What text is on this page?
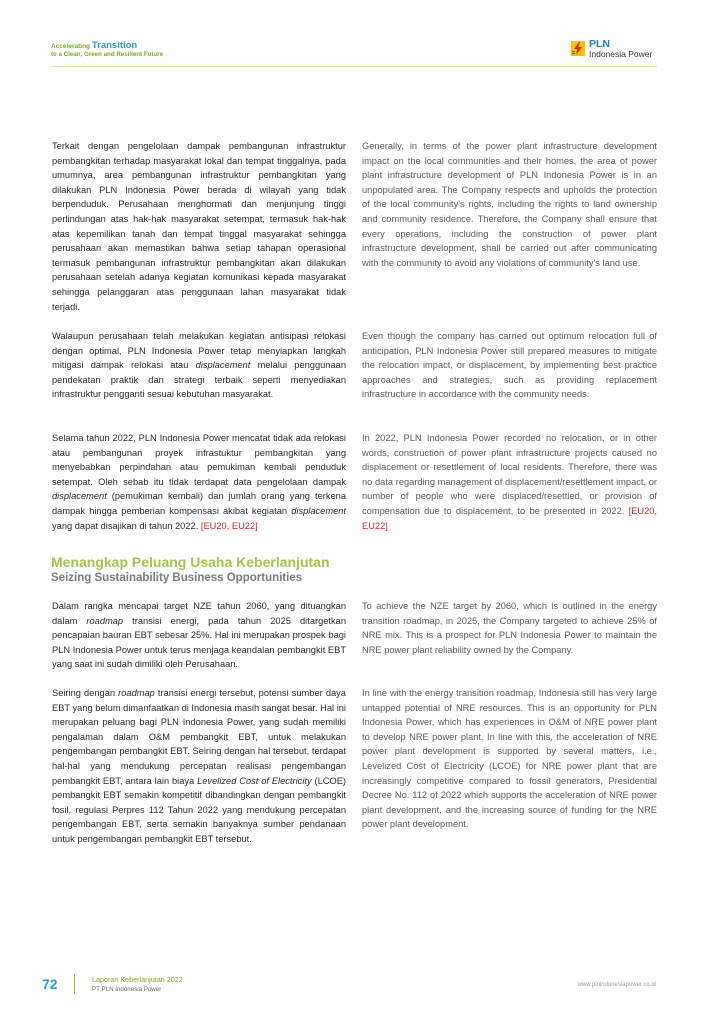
Accelerating Transition
to a Clean, Green and Resilient Future
PLN
Indonesia Power

Terkait dengan pengelolaan dampak pembangunan infrastruktur pembangkitan terhadap masyarakat lokal dan tempat tinggalnya, pada umumnya, area pembangunan infrastruktur pembangkitan yang dilakukan PLN Indonesia Power berada di wilayah yang tidak berpenduduk. Perusahaan menghormati dan menjunjung tinggi perlindungan atas hak-hak masyarakat setempat, termasuk hak-hak atas kepemilikan tanah dan tempat tinggal masyarakat sehingga perusahaan akan memastikan bahwa setiap tahapan operasional termasuk pembangunan infrastruktur pembangkitan akan dilakukan perusahaan setelah adanya kegiatan komunikasi kepada masyarakat sehingga pelanggaran atas penggunaan lahan masyarakat tidak terjadi.

Generally, in terms of the power plant infrastructure development impact on the local communities and their homes, the area of power plant infrastructure development of PLN Indonesia Power is in an unpopulated area. The Company respects and upholds the protection of the local community's rights, including the rights to land ownership and community residence. Therefore, the Company shall ensure that every operations, including the construction of power plant infrastructure development, shall be carried out after communicating with the community to avoid any violations of community's land use.

Walaupun perusahaan telah melakukan kegiatan antisipasi relokasi dengan optimal, PLN Indonesia Power tetap menyiapkan langkah mitigasi dampak relokasi atau displacement melalui penggunaan pendekatan praktik dan strategi terbaik seperti menyediakan infrastruktur pengganti sesuai kebutuhan masyarakat.

Even though the company has carried out optimum relocation full of anticipation, PLN Indonesia Power still prepared measures to mitigate the relocation impact, or displacement, by implementing best practice approaches and strategies, such as providing replacement infrastructure in accordance with the community needs.

Selama tahun 2022, PLN Indonesia Power mencatat tidak ada relokasi atau pembangunan proyek infrastuktur pembangkitan yang menyebabkan perpindahan atau pemukiman kembali penduduk setempat. Oleh sebab itu tidak terdapat data pengelolaan dampak displacement (pemukiman kembali) dan jumlah orang yang terkena dampak hingga pemberian kompensasi akibat kegiatan displacement yang dapat disajikan di tahun 2022. [EU20, EU22]

In 2022, PLN Indonesia Power recorded no relocation, or in other words, construction of power plant infrastructure projects caused no displacement or resettlement of local residents. Therefore, there was no data regarding management of displacement/resettlement impact, or number of people who were displaced/resettled, or provision of compensation due to displacement, to be presented in 2022. [EU20, EU22]

Menangkap Peluang Usaha Keberlanjutan
Seizing Sustainability Business Opportunities

Dalam rangka mencapai target NZE tahun 2060, yang dituangkan dalam roadmap transisi energi, pada tahun 2025 ditargetkan pencapaian bauran EBT sebesar 25%. Hal ini merupakan prospek bagi PLN Indonesia Power untuk terus menjaga keandalan pembangkit EBT yang saat ini sudah dimiliki oleh Perusahaan.

To achieve the NZE target by 2060, which is outlined in the energy transition roadmap, in 2025, the Company targeted to achieve 25% of NRE mix. This is a prospect for PLN Indonesia Power to maintain the NRE power plant reliability owned by the Company.

Seiring dengan roadmap transisi energi tersebut, potensi sumber daya EBT yang belum dimanfaatkan di Indonesia masih sangat besar. Hal ini merupakan peluang bagi PLN Indonesia Power, yang sudah memiliki pengalaman dalam O&M pembangkit EBT, untuk melakukan pengembangan pembangkit EBT. Seiring dengan hal tersebut, terdapat hal-hal yang mendukung percepatan realisasi pengembangan pembangkit EBT, antara lain biaya Levelized Cost of Electricity (LCOE) pembangkit EBT semakin kompetitif dibandingkan dengan pembangkit fosil, regulasi Perpres 112 Tahun 2022 yang mendukung percepatan pengembangan EBT, serta semakin banyaknya sumber pendanaan untuk pengembangan pembangkit EBT tersebut.

In line with the energy transition roadmap, Indonesia still has very large untapped potential of NRE resources. This is an opportunity for PLN Indonesia Power, which has experiences in O&M of NRE power plant to develop NRE power plant. In line with this, the acceleration of NRE power plant development is supported by several matters, i.e., Levelized Cost of Electricity (LCOE) for NRE power plant that are increasingly competitive compared to fossil generators, Presidential Decree No. 112 of 2022 which supports the acceleration of NRE power plant development, and the increasing source of funding for the NRE power plant development.

72	Laporan Keberlanjutan 2022
PT PLN Indonesia Power
www.plnindonesiapower.co.id
